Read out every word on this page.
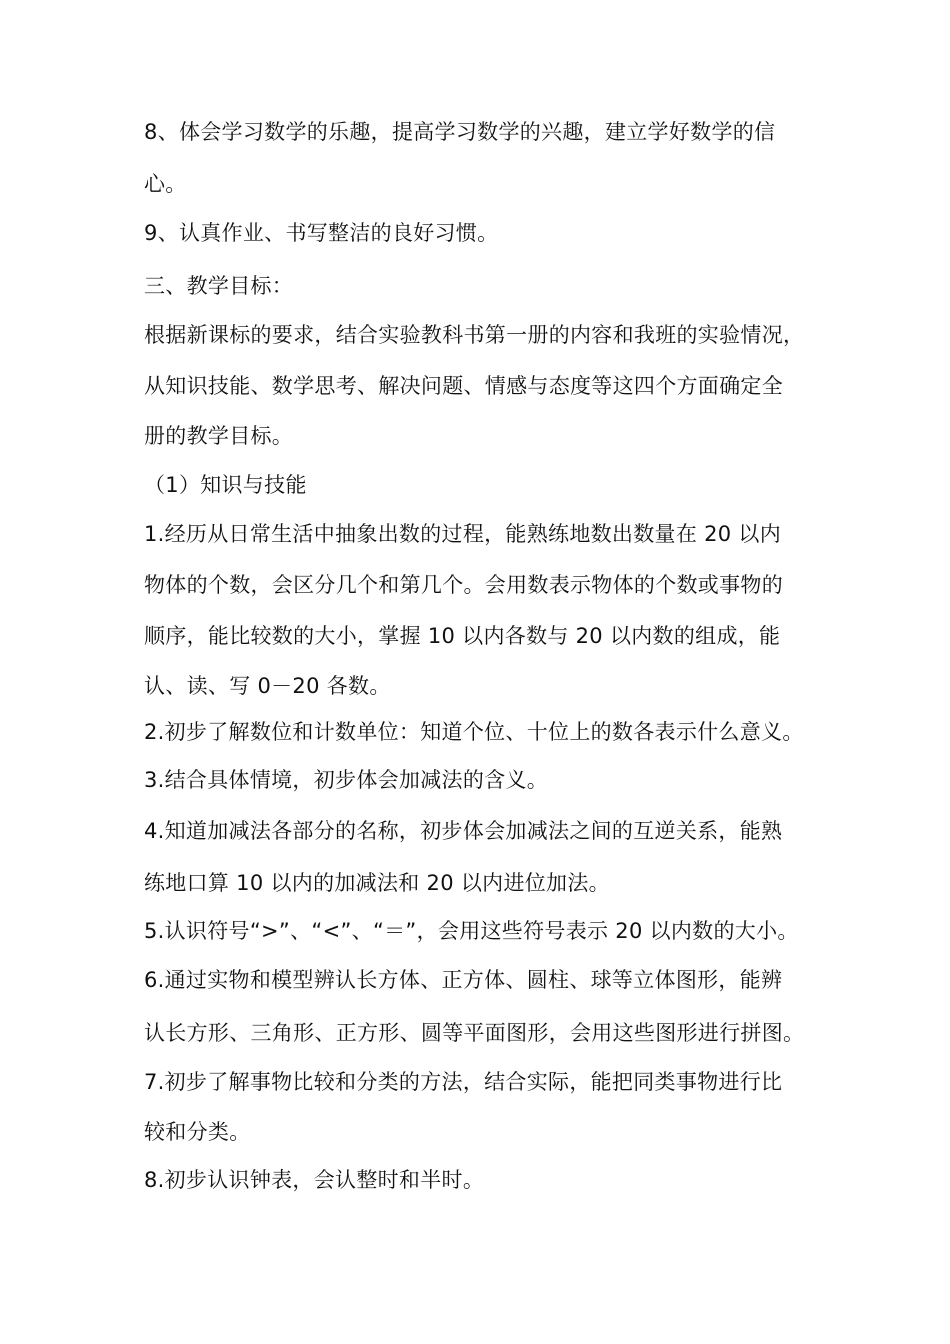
8、体会学习数学的乐趣，提高学习数学的兴趣，建立学好数学的信
心。
9、认真作业、书写整洁的良好习惯。
三、教学目标：
根据新课标的要求，结合实验教科书第一册的内容和我班的实验情况，
从知识技能、数学思考、解决问题、情感与态度等这四个方面确定全
册的教学目标。
（1）知识与技能
1.经历从日常生活中抽象出数的过程，能熟练地数出数量在 20 以内
物体的个数，会区分几个和第几个。会用数表示物体的个数或事物的
顺序，能比较数的大小，掌握 10 以内各数与 20 以内数的组成，能
认、读、写 0－20 各数。
2.初步了解数位和计数单位：知道个位、十位上的数各表示什么意义。
3.结合具体情境，初步体会加减法的含义。
4.知道加减法各部分的名称，初步体会加减法之间的互逆关系，能熟
练地口算 10 以内的加减法和 20 以内进位加法。
5.认识符号“>”、“<”、“＝”，会用这些符号表示 20 以内数的大小。
6.通过实物和模型辨认长方体、正方体、圆柱、球等立体图形，能辨
认长方形、三角形、正方形、圆等平面图形，会用这些图形进行拼图。
7.初步了解事物比较和分类的方法，结合实际，能把同类事物进行比
较和分类。
8.初步认识钟表，会认整时和半时。
